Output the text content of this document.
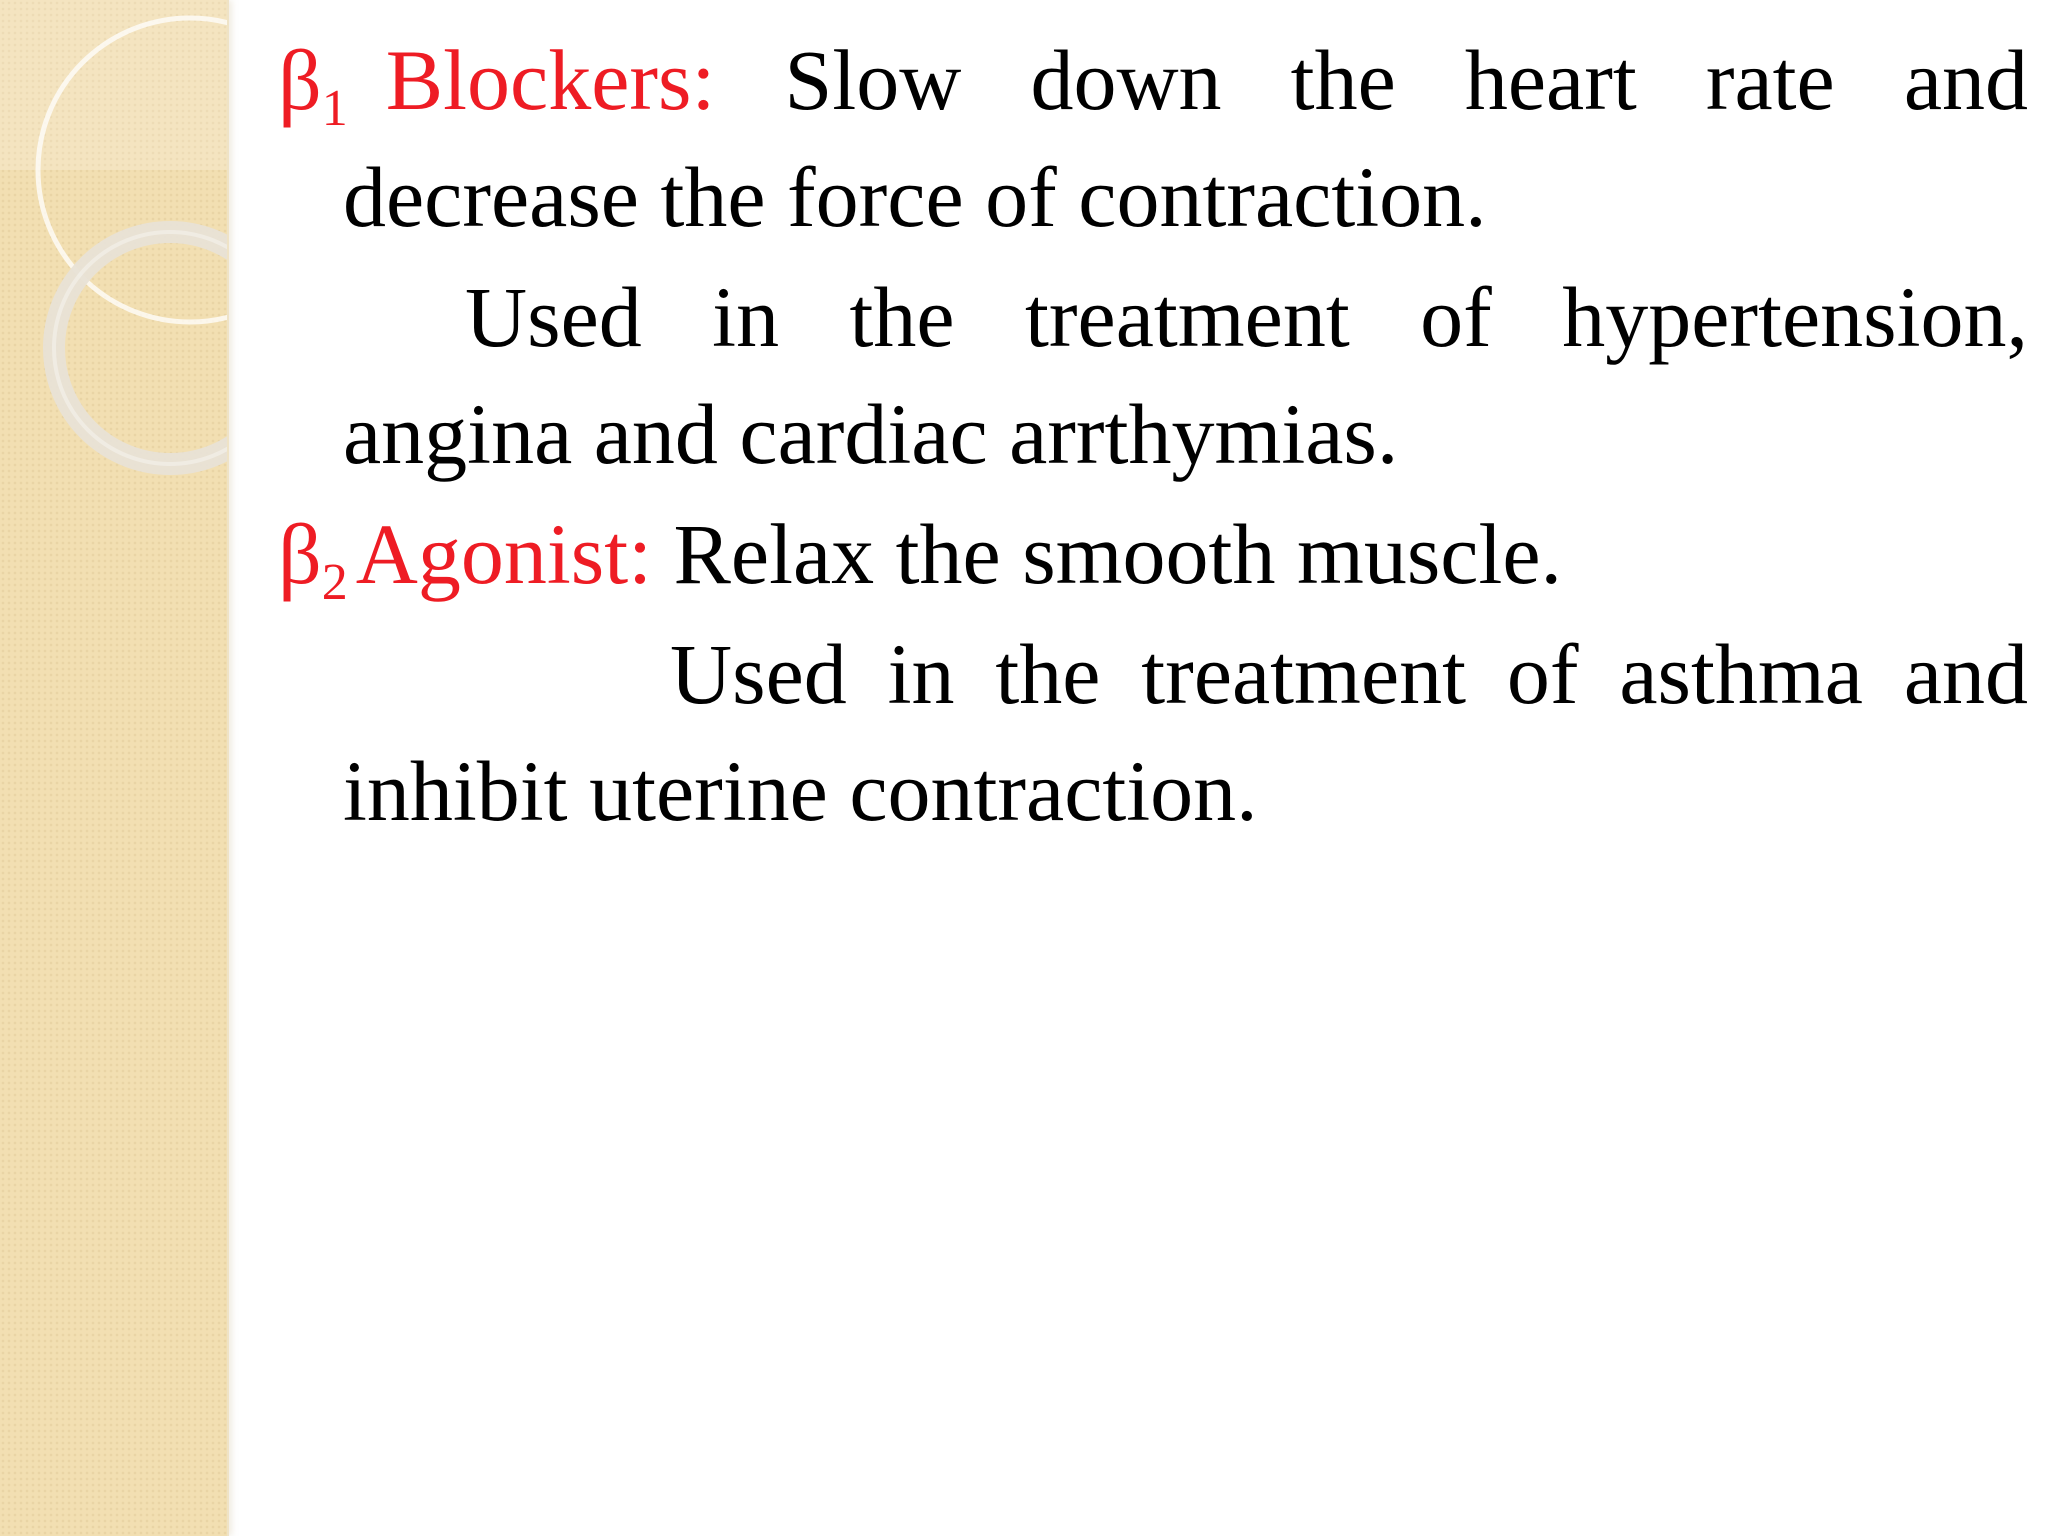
$\beta_1$ Blockers: Slow down the heart rate and decrease the force of contraction.

Used in the treatment of hypertension, angina and cardiac arrthymias.

$\beta_2Agonist$: Relax the smooth muscle.

Used in the treatment of asthma and inhibit uterine contraction.
